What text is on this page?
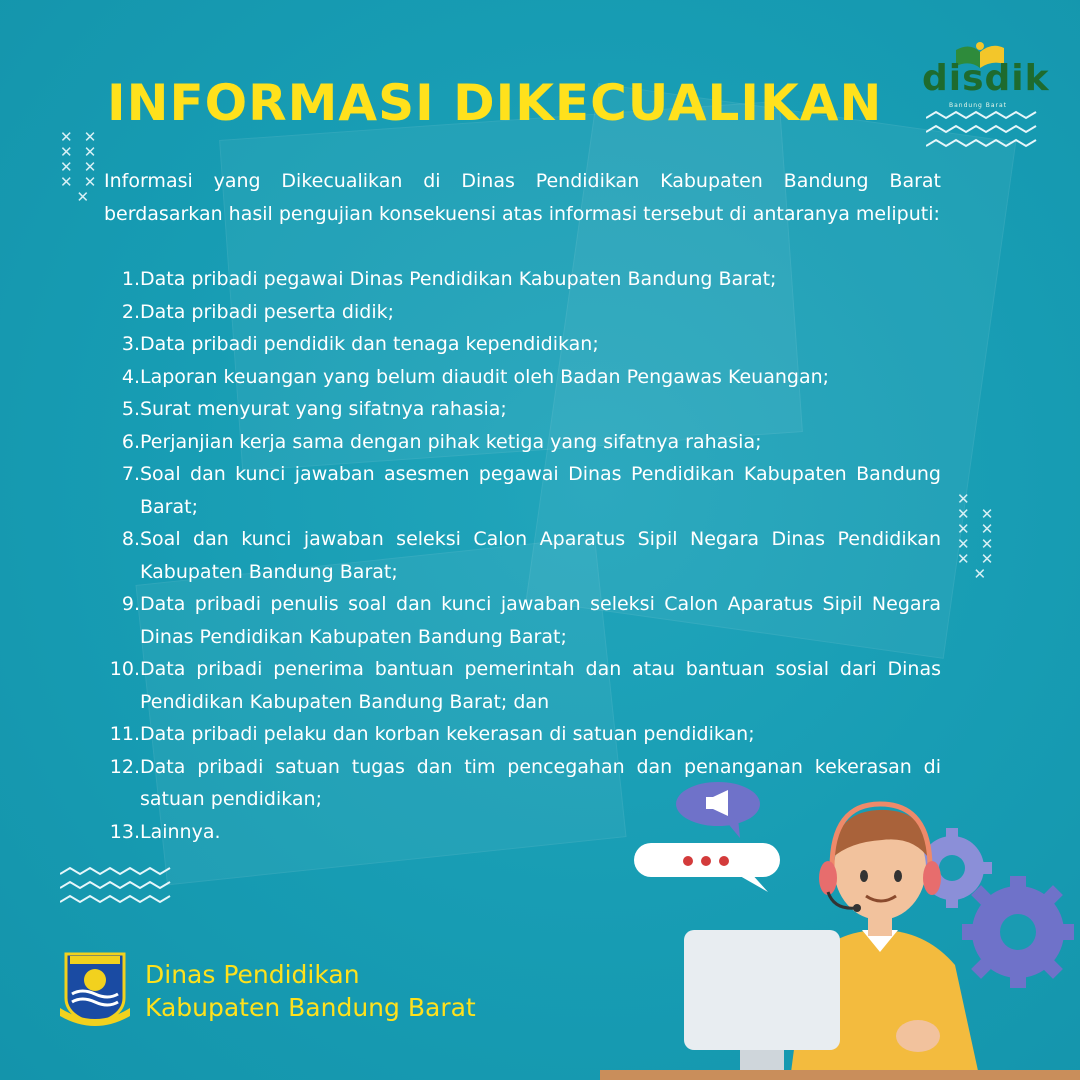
INFORMASI DIKECUALIKAN disdik
Bandung Barat
✕ ✕
✕ ✕
✕ ✕
✕ ✕
✕
✕
✕ ✕
✕ ✕
✕ ✕
✕ ✕
✕

Informasi yang Dikecualikan di Dinas Pendidikan Kabupaten Bandung Barat berdasarkan hasil pengujian konsekuensi atas informasi tersebut di antaranya meliputi:

1. Data pribadi pegawai Dinas Pendidikan Kabupaten Bandung Barat;
2. Data pribadi peserta didik;
3. Data pribadi pendidik dan tenaga kependidikan;
4. Laporan keuangan yang belum diaudit oleh Badan Pengawas Keuangan;
5. Surat menyurat yang sifatnya rahasia;
6. Perjanjian kerja sama dengan pihak ketiga yang sifatnya rahasia;
7. Soal dan kunci jawaban asesmen pegawai Dinas Pendidikan Kabupaten Bandung Barat;
8. Soal dan kunci jawaban seleksi Calon Aparatus Sipil Negara Dinas Pendidikan Kabupaten Bandung Barat;
9. Data pribadi penulis soal dan kunci jawaban seleksi Calon Aparatus Sipil Negara Dinas Pendidikan Kabupaten Bandung Barat;
10. Data pribadi penerima bantuan pemerintah dan atau bantuan sosial dari Dinas Pendidikan Kabupaten Bandung Barat; dan
11. Data pribadi pelaku dan korban kekerasan di satuan pendidikan;
12. Data pribadi satuan tugas dan tim pencegahan dan penanganan kekerasan di satuan pendidikan;
13. Lainnya.

Dinas Pendidikan
Kabupaten Bandung Barat
